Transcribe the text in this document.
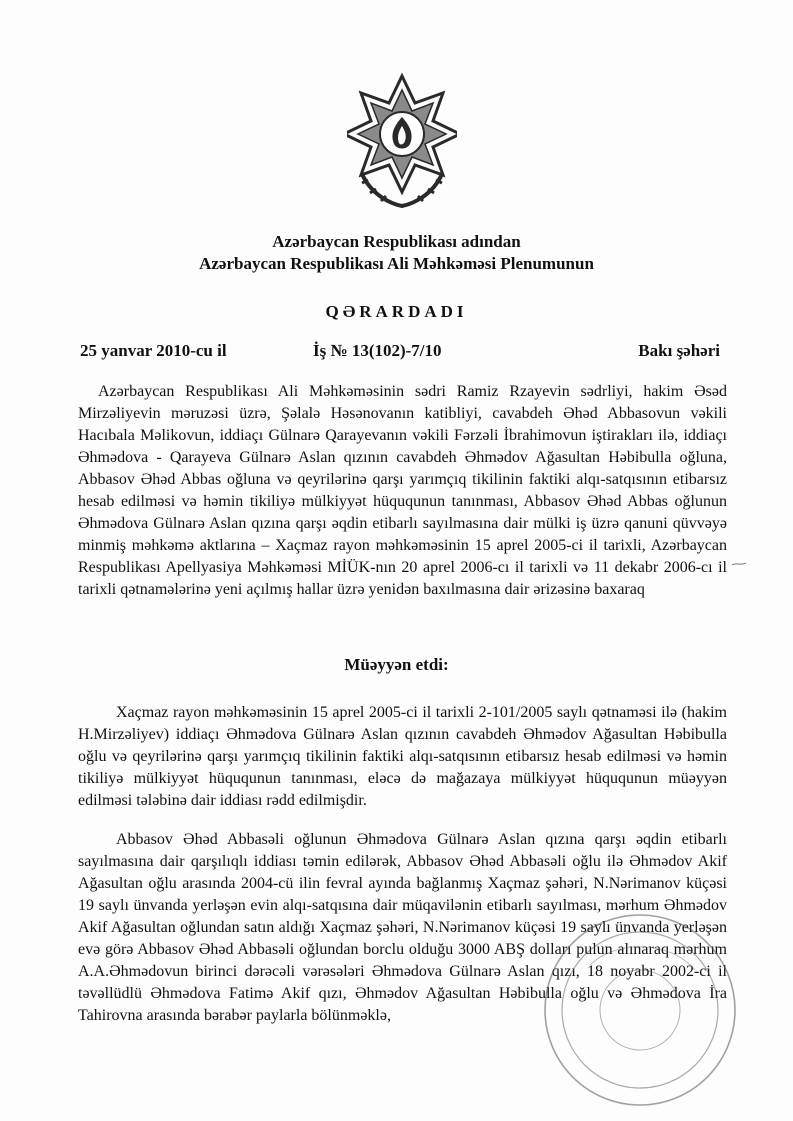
Azərbaycan Respublikası adından
Azərbaycan Respublikası Ali Məhkəməsi Plenumunun
QƏRARDADI
25 yanvar 2010-cu il	İş № 13(102)-7/10	Bakı şəhəri
Azərbaycan Respublikası Ali Məhkəməsinin sədri Ramiz Rzayevin sədrliyi, hakim Əsəd Mirzəliyevin məruzəsi üzrə, Şəlalə Həsənovanın katibliyi, cavabdeh Əhəd Abbasovun vəkili Hacıbala Məlikovun, iddiaçı Gülnarə Qarayevanın vəkili Fərzəli İbrahimovun iştirakları ilə, iddiaçı Əhmədova - Qarayeva Gülnarə Aslan qızının cavabdeh Əhmədov Ağasultan Həbibulla oğluna, Abbasov Əhəd Abbas oğluna və qeyrilərinə qarşı yarımçıq tikilinin faktiki alqı-satqısının etibarsız hesab edilməsi və həmin tikiliyə mülkiyyət hüququnun tanınması, Abbasov Əhəd Abbas oğlunun Əhmədova Gülnarə Aslan qızına qarşı əqdin etibarlı sayılmasına dair mülki iş üzrə qanuni qüvvəyə minmiş məhkəmə aktlarına – Xaçmaz rayon məhkəməsinin 15 aprel 2005-ci il tarixli, Azərbaycan Respublikası Apellyasiya Məhkəməsi MİÜK-nın 20 aprel 2006-cı il tarixli və 11 dekabr 2006-cı il tarixli qətnamələrinə yeni açılmış hallar üzrə yenidən baxılmasına dair ərizəsinə baxaraq
Müəyyən etdi:
Xaçmaz rayon məhkəməsinin 15 aprel 2005-ci il tarixli 2-101/2005 saylı qətnaməsi ilə (hakim H.Mirzəliyev) iddiaçı Əhmədova Gülnarə Aslan qızının cavabdeh Əhmədov Ağasultan Həbibulla oğlu və qeyrilərinə qarşı yarımçıq tikilinin faktiki alqı-satqısının etibarsız hesab edilməsi və həmin tikiliyə mülkiyyət hüququnun tanınması, eləcə də mağazaya mülkiyyət hüququnun müəyyən edilməsi tələbinə dair iddiası rədd edilmişdir.
Abbasov Əhəd Abbasəli oğlunun Əhmədova Gülnarə Aslan qızına qarşı əqdin etibarlı sayılmasına dair qarşılıqlı iddiası təmin edilərək, Abbasov Əhəd Abbasəli oğlu ilə Əhmədov Akif Ağasultan oğlu arasında 2004-cü ilin fevral ayında bağlanmış Xaçmaz şəhəri, N.Nərimanov küçəsi 19 saylı ünvanda yerləşən evin alqı-satqısına dair müqavilənin etibarlı sayılması, mərhum Əhmədov Akif Ağasultan oğlundan satın aldığı Xaçmaz şəhəri, N.Nərimanov küçəsi 19 saylı ünvanda yerləşən evə görə Abbasov Əhəd Abbasəli oğlundan borclu olduğu 3000 ABŞ dolları pulun alınaraq mərhum A.A.Əhmədovun birinci dərəcəli vərəsələri Əhmədova Gülnarə Aslan qızı, 18 noyabr 2002-ci il təvəllüdlü Əhmədova Fatimə Akif qızı, Əhmədov Ağasultan Həbibulla oğlu və Əhmədova İra Tahirovna arasında bərabər paylarla bölünməklə,
